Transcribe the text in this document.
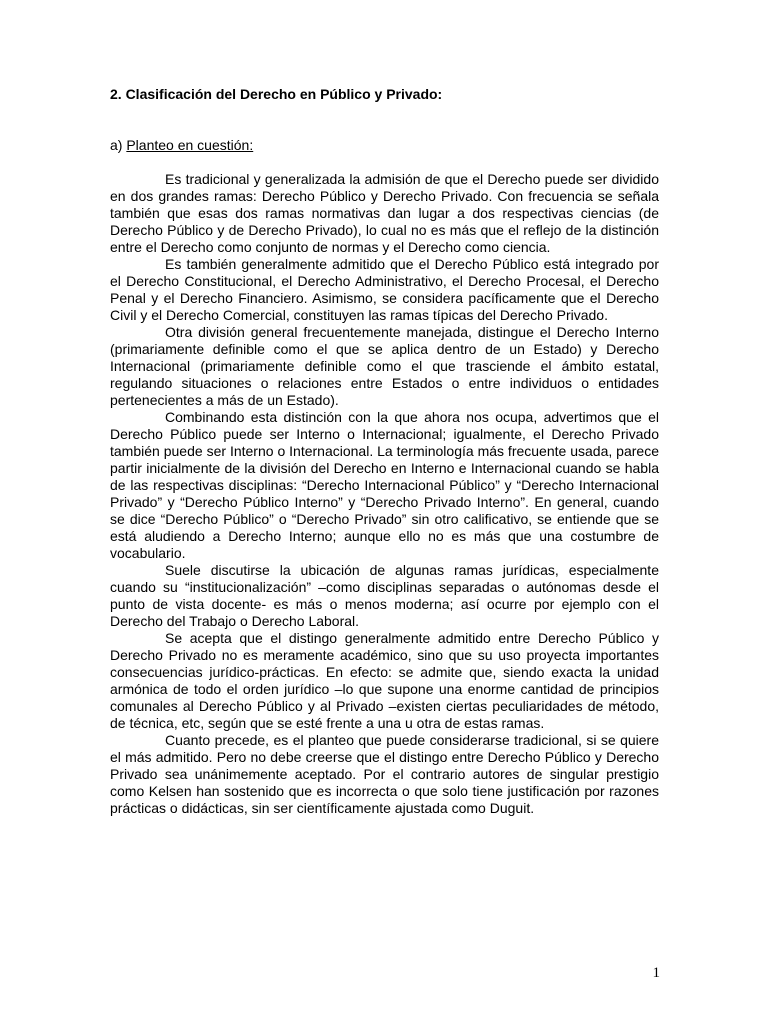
2. Clasificación del Derecho en Público y Privado:

a) Planteo en cuestión:

Es tradicional y generalizada la admisión de que el Derecho puede ser dividido en dos grandes ramas: Derecho Público y Derecho Privado. Con frecuencia se señala también que esas dos ramas normativas dan lugar a dos respectivas ciencias (de Derecho Público y de Derecho Privado), lo cual no es más que el reflejo de la distinción entre el Derecho como conjunto de normas y el Derecho como ciencia.

Es también generalmente admitido que el Derecho Público está integrado por el Derecho Constitucional, el Derecho Administrativo, el Derecho Procesal, el Derecho Penal y el Derecho Financiero. Asimismo, se considera pacíficamente que el Derecho Civil y el Derecho Comercial, constituyen las ramas típicas del Derecho Privado.

Otra división general frecuentemente manejada, distingue el Derecho Interno (primariamente definible como el que se aplica dentro de un Estado) y Derecho Internacional (primariamente definible como el que trasciende el ámbito estatal, regulando situaciones o relaciones entre Estados o entre individuos o entidades pertenecientes a más de un Estado).

Combinando esta distinción con la que ahora nos ocupa, advertimos que el Derecho Público puede ser Interno o Internacional; igualmente, el Derecho Privado también puede ser Interno o Internacional. La terminología más frecuente usada, parece partir inicialmente de la división del Derecho en Interno e Internacional cuando se habla de las respectivas disciplinas: “Derecho Internacional Público” y “Derecho Internacional Privado” y “Derecho Público Interno” y “Derecho Privado Interno”. En general, cuando se dice “Derecho Público” o “Derecho Privado” sin otro calificativo, se entiende que se está aludiendo a Derecho Interno; aunque ello no es más que una costumbre de vocabulario.

Suele discutirse la ubicación de algunas ramas jurídicas, especialmente cuando su “institucionalización” –como disciplinas separadas o autónomas desde el punto de vista docente- es más o menos moderna; así ocurre por ejemplo con el Derecho del Trabajo o Derecho Laboral.

Se acepta que el distingo generalmente admitido entre Derecho Público y Derecho Privado no es meramente académico, sino que su uso proyecta importantes consecuencias jurídico-prácticas. En efecto: se admite que, siendo exacta la unidad armónica de todo el orden jurídico –lo que supone una enorme cantidad de principios comunales al Derecho Público y al Privado –existen ciertas peculiaridades de método, de técnica, etc, según que se esté frente a una u otra de estas ramas.

Cuanto precede, es el planteo que puede considerarse tradicional, si se quiere el más admitido. Pero no debe creerse que el distingo entre Derecho Público y Derecho Privado sea unánimemente aceptado. Por el contrario autores de singular prestigio como Kelsen han sostenido que es incorrecta o que solo tiene justificación por razones prácticas o didácticas, sin ser científicamente ajustada como Duguit.

1
